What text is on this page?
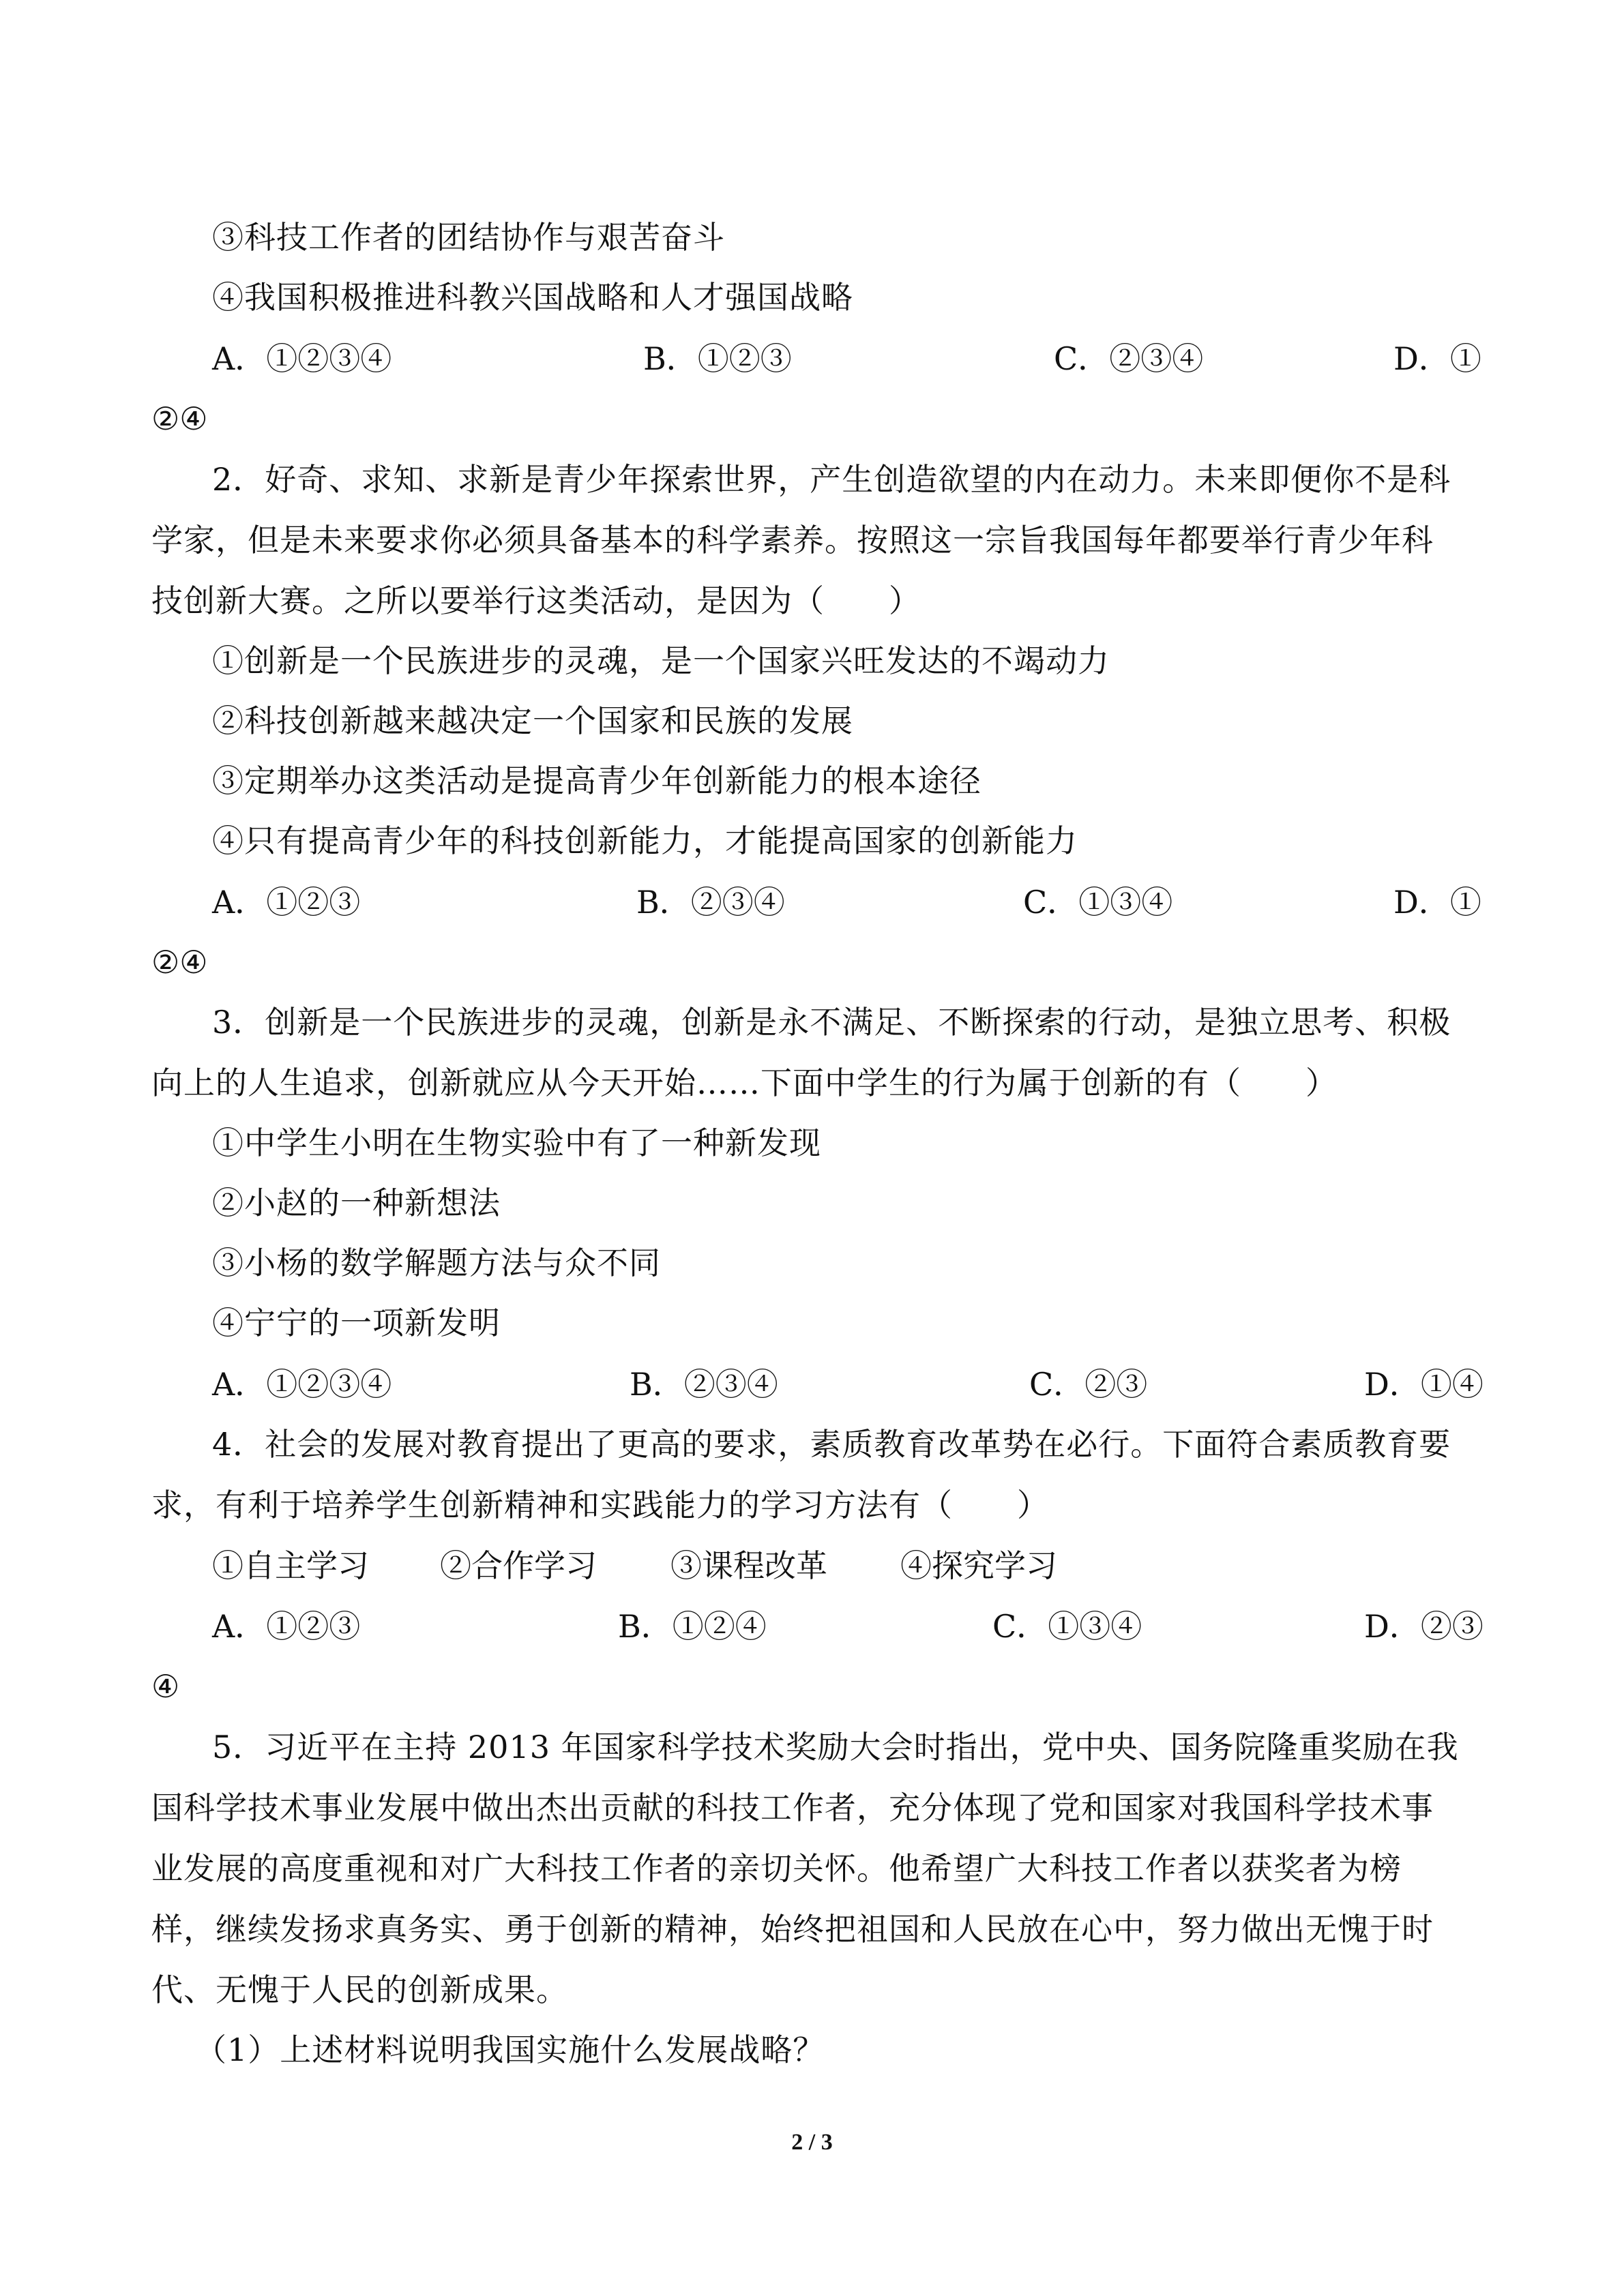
③科技工作者的团结协作与艰苦奋斗
④我国积极推进科教兴国战略和人才强国战略
A．①②③④	B．①②③	C．②③④	D．①
②④
2．好奇、求知、求新是青少年探索世界，产生创造欲望的内在动力。未来即便你不是科
学家，但是未来要求你必须具备基本的科学素养。按照这一宗旨我国每年都要举行青少年科
技创新大赛。之所以要举行这类活动，是因为（　　）
①创新是一个民族进步的灵魂，是一个国家兴旺发达的不竭动力
②科技创新越来越决定一个国家和民族的发展
③定期举办这类活动是提高青少年创新能力的根本途径
④只有提高青少年的科技创新能力，才能提高国家的创新能力
A．①②③	B．②③④	C．①③④	D．①
②④
3．创新是一个民族进步的灵魂，创新是永不满足、不断探索的行动，是独立思考、积极
向上的人生追求，创新就应从今天开始……下面中学生的行为属于创新的有（　　）
①中学生小明在生物实验中有了一种新发现
②小赵的一种新想法
③小杨的数学解题方法与众不同
④宁宁的一项新发明
A．①②③④	B．②③④	C．②③	D．①④
4．社会的发展对教育提出了更高的要求，素质教育改革势在必行。下面符合素质教育要
求，有利于培养学生创新精神和实践能力的学习方法有（　　）
①自主学习 ②合作学习 ③课程改革 ④探究学习
A．①②③	B．①②④	C．①③④	D．②③
④
5．习近平在主持 2013 年国家科学技术奖励大会时指出，党中央、国务院隆重奖励在我
国科学技术事业发展中做出杰出贡献的科技工作者，充分体现了党和国家对我国科学技术事
业发展的高度重视和对广大科技工作者的亲切关怀。他希望广大科技工作者以获奖者为榜
样，继续发扬求真务实、勇于创新的精神，始终把祖国和人民放在心中，努力做出无愧于时
代、无愧于人民的创新成果。
（1）上述材料说明我国实施什么发展战略？
2 / 3
